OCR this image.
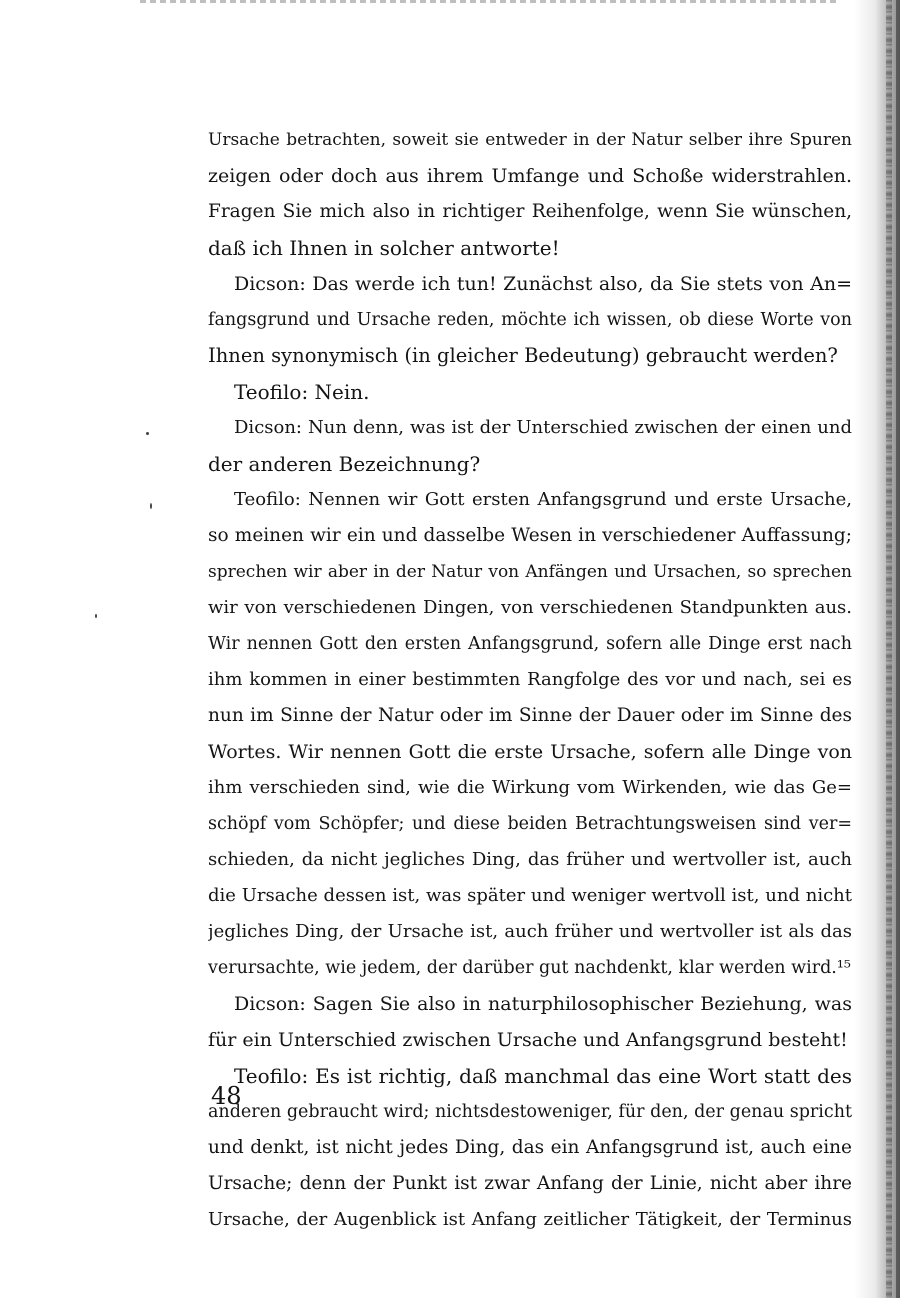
Ursache betrachten, soweit sie entweder in der Natur selber ihre Spuren
zeigen oder doch aus ihrem Umfange und Schoße widerstrahlen.
Fragen Sie mich also in richtiger Reihenfolge, wenn Sie wünschen,
daß ich Ihnen in solcher antworte!
Dicson: Das werde ich tun! Zunächst also, da Sie stets von An=
fangsgrund und Ursache reden, möchte ich wissen, ob diese Worte von
Ihnen synonymisch (in gleicher Bedeutung) gebraucht werden?
Teofilo: Nein.
Dicson: Nun denn, was ist der Unterschied zwischen der einen und
der anderen Bezeichnung?
Teofilo: Nennen wir Gott ersten Anfangsgrund und erste Ursache,
so meinen wir ein und dasselbe Wesen in verschiedener Auffassung;
sprechen wir aber in der Natur von Anfängen und Ursachen, so sprechen
wir von verschiedenen Dingen, von verschiedenen Standpunkten aus.
Wir nennen Gott den ersten Anfangsgrund, sofern alle Dinge erst nach
ihm kommen in einer bestimmten Rangfolge des vor und nach, sei es
nun im Sinne der Natur oder im Sinne der Dauer oder im Sinne des
Wortes. Wir nennen Gott die erste Ursache, sofern alle Dinge von
ihm verschieden sind, wie die Wirkung vom Wirkenden, wie das Ge=
schöpf vom Schöpfer; und diese beiden Betrachtungsweisen sind ver=
schieden, da nicht jegliches Ding, das früher und wertvoller ist, auch
die Ursache dessen ist, was später und weniger wertvoll ist, und nicht
jegliches Ding, der Ursache ist, auch früher und wertvoller ist als das
verursachte, wie jedem, der darüber gut nachdenkt, klar werden wird.¹⁵
Dicson: Sagen Sie also in naturphilosophischer Beziehung, was
für ein Unterschied zwischen Ursache und Anfangsgrund besteht!
Teofilo: Es ist richtig, daß manchmal das eine Wort statt des
anderen gebraucht wird; nichtsdestoweniger, für den, der genau spricht
und denkt, ist nicht jedes Ding, das ein Anfangsgrund ist, auch eine
Ursache; denn der Punkt ist zwar Anfang der Linie, nicht aber ihre
Ursache, der Augenblick ist Anfang zeitlicher Tätigkeit, der Terminus
48
